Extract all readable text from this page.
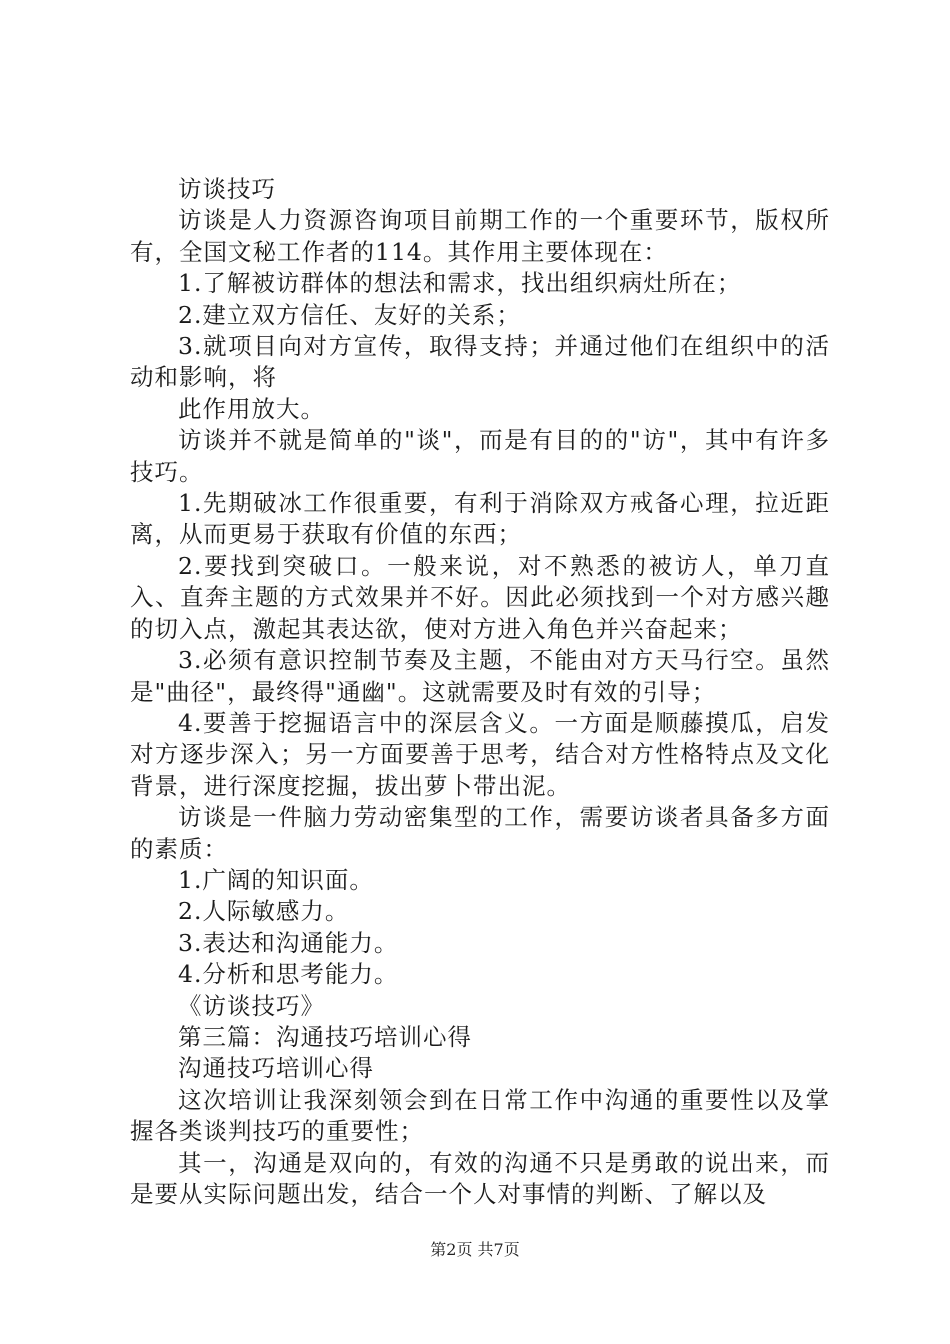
访谈技巧

访谈是人力资源咨询项目前期工作的一个重要环节，版权所有，全国文秘工作者的114。其作用主要体现在：

1.了解被访群体的想法和需求，找出组织病灶所在；

2.建立双方信任、友好的关系；

3.就项目向对方宣传，取得支持；并通过他们在组织中的活动和影响，将

此作用放大。

访谈并不就是简单的"谈"，而是有目的的"访"，其中有许多技巧。

1.先期破冰工作很重要，有利于消除双方戒备心理，拉近距离，从而更易于获取有价值的东西；

2.要找到突破口。一般来说，对不熟悉的被访人，单刀直入、直奔主题的方式效果并不好。因此必须找到一个对方感兴趣的切入点，激起其表达欲，使对方进入角色并兴奋起来；

3.必须有意识控制节奏及主题，不能由对方天马行空。虽然是"曲径"，最终得"通幽"。这就需要及时有效的引导；

4.要善于挖掘语言中的深层含义。一方面是顺藤摸瓜，启发对方逐步深入；另一方面要善于思考，结合对方性格特点及文化背景，进行深度挖掘，拔出萝卜带出泥。

访谈是一件脑力劳动密集型的工作，需要访谈者具备多方面的素质：

1.广阔的知识面。

2.人际敏感力。

3.表达和沟通能力。

4.分析和思考能力。

《访谈技巧》

第三篇：沟通技巧培训心得

沟通技巧培训心得

这次培训让我深刻领会到在日常工作中沟通的重要性以及掌握各类谈判技巧的重要性；

其一，沟通是双向的，有效的沟通不只是勇敢的说出来，而是要从实际问题出发，结合一个人对事情的判断、了解以及

第2页 共7页
